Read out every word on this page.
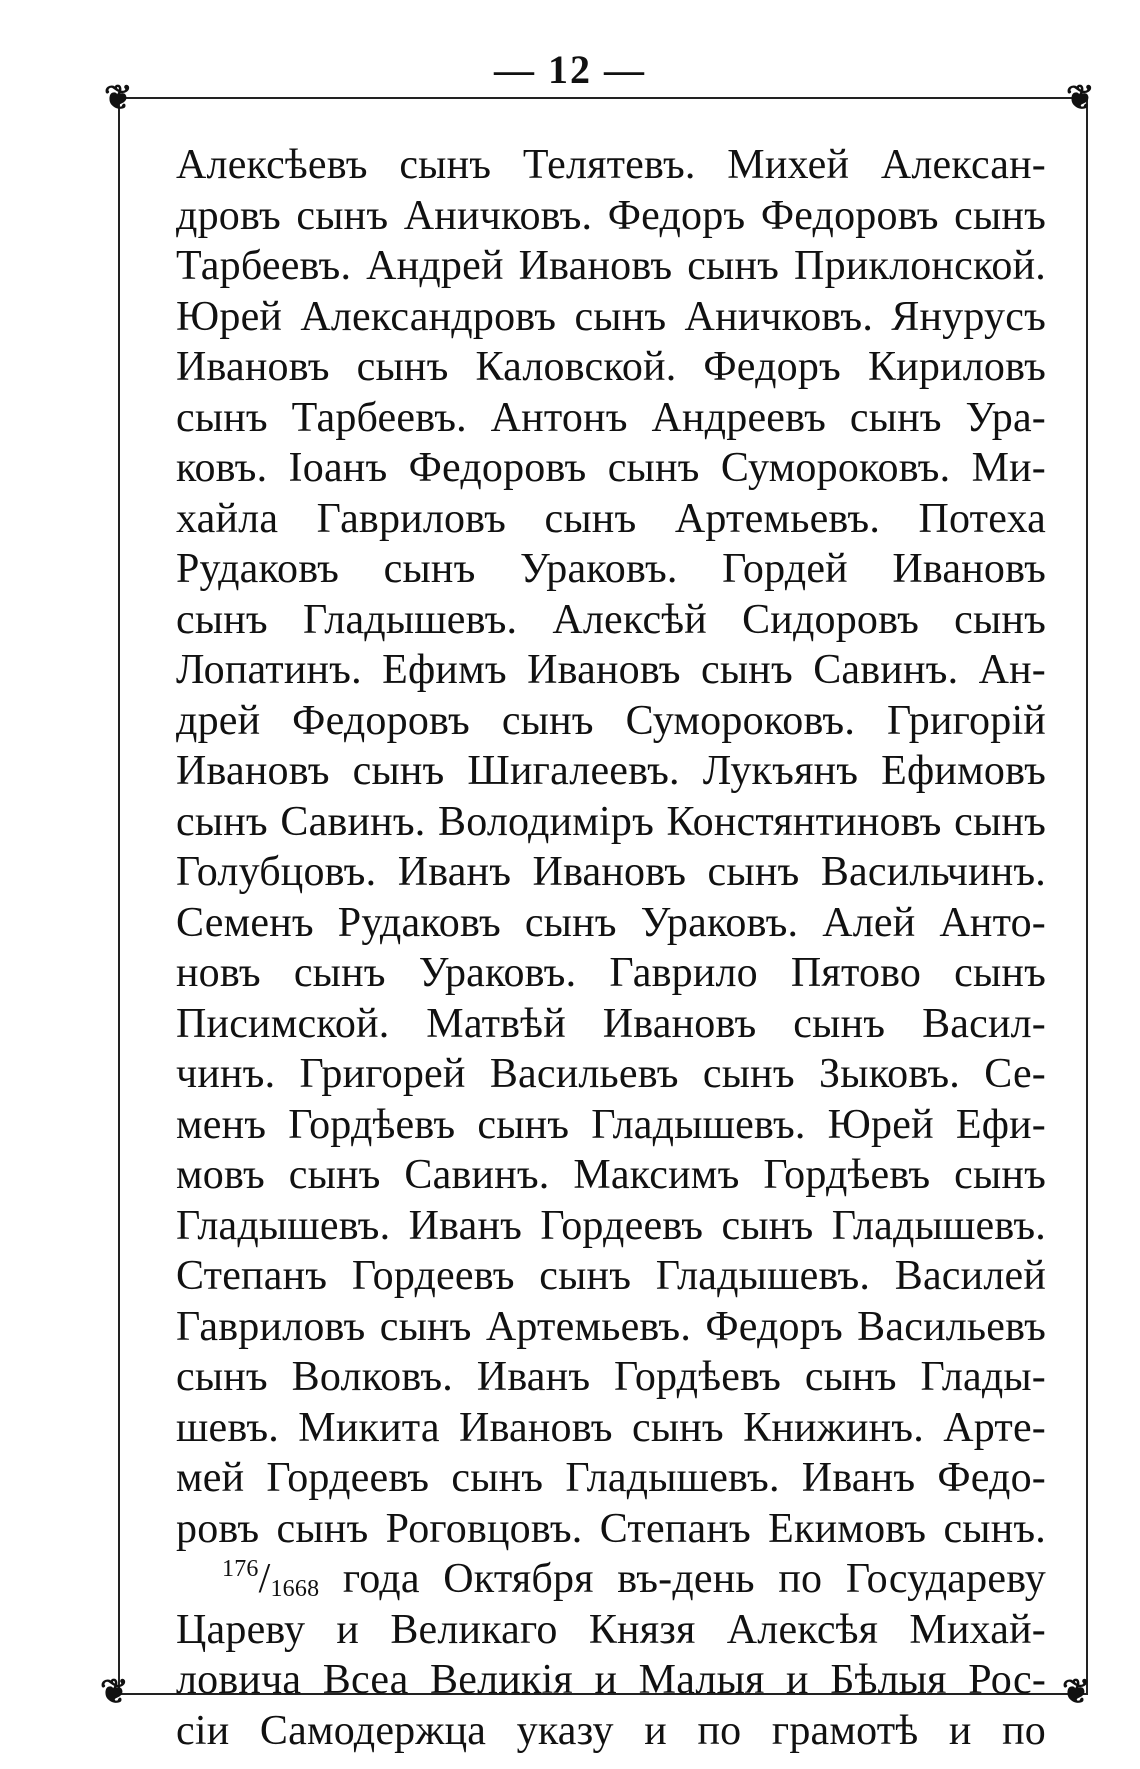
— 12 —
❦	❦
❦	❦
Алексѣевъ сынъ Телятевъ. Михей Алексан-
дровъ сынъ Аничковъ. Федоръ Федоровъ сынъ
Тарбеевъ. Андрей Ивановъ сынъ Приклонской.
Юрей Александровъ сынъ Аничковъ. Янурусъ
Ивановъ сынъ Каловской. Федоръ Кириловъ
сынъ Тарбеевъ. Антонъ Андреевъ сынъ Ура-
ковъ. Іоанъ Федоровъ сынъ Сумороковъ. Ми-
хайла Гавриловъ сынъ Артемьевъ. Потеха
Рудаковъ сынъ Ураковъ. Гордей Ивановъ
сынъ Гладышевъ. Алексѣй Сидоровъ сынъ
Лопатинъ. Ефимъ Ивановъ сынъ Савинъ. Ан-
дрей Федоровъ сынъ Сумороковъ. Григорій
Ивановъ сынъ Шигалеевъ. Лукъянъ Ефимовъ
сынъ Савинъ. Володимiръ Констянтиновъ сынъ
Голубцовъ. Иванъ Ивановъ сынъ Васильчинъ.
Семенъ Рудаковъ сынъ Ураковъ. Алей Анто-
новъ сынъ Ураковъ. Гаврило Пятово сынъ
Писимской. Матвѣй Ивановъ сынъ Васил-
чинъ. Григорей Васильевъ сынъ Зыковъ. Се-
менъ Гордѣевъ сынъ Гладышевъ. Юрей Ефи-
мовъ сынъ Савинъ. Максимъ Гордѣевъ сынъ
Гладышевъ. Иванъ Гордеевъ сынъ Гладышевъ.
Степанъ Гордеевъ сынъ Гладышевъ. Василей
Гавриловъ сынъ Артемьевъ. Федоръ Васильевъ
сынъ Волковъ. Иванъ Гордѣевъ сынъ Глады-
шевъ. Микита Ивановъ сынъ Книжинъ. Арте-
мей Гордеевъ сынъ Гладышевъ. Иванъ Федо-
ровъ сынъ Роговцовъ. Степанъ Екимовъ сынъ.
$^{176}/_{1668}$ года Октября въ-день по Государеву
Цареву и Великаго Князя Алексѣя Михай-
ловича Всеа Великія и Малыя и Бѣлыя Рос-
сіи Самодержца указу и по грамотѣ и по
